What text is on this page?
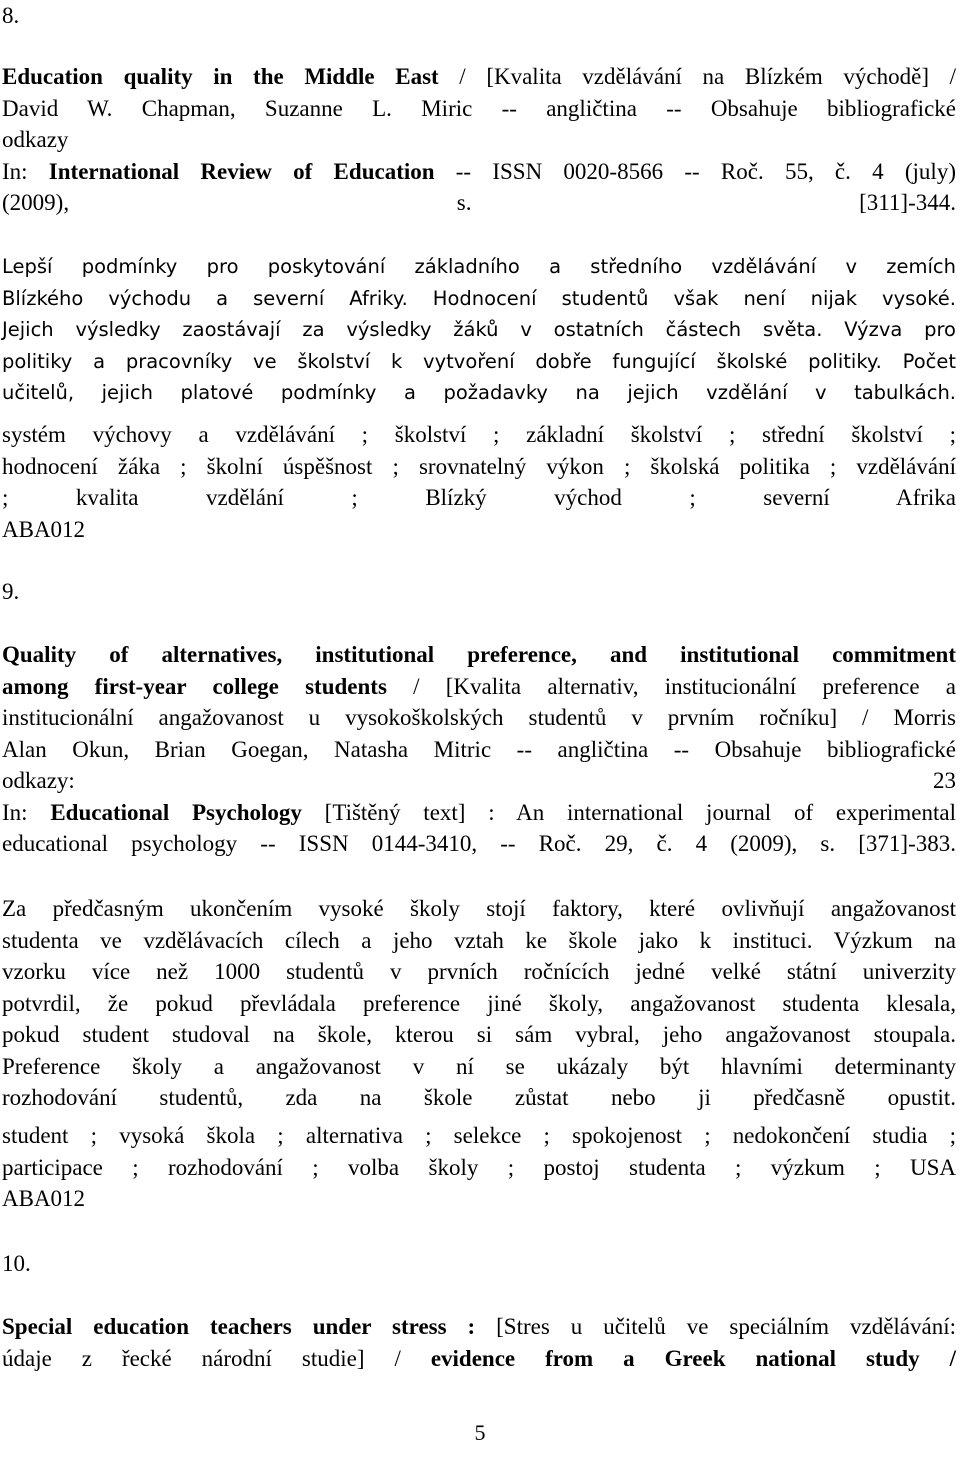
8.
Education quality in the Middle East / [Kvalita vzdělávání na Blízkém východě] /
David W. Chapman, Suzanne L. Miric -- angličtina -- Obsahuje bibliografické
odkazy
In: International Review of Education -- ISSN 0020-8566 -- Roč. 55, č. 4 (july)
(2009), s. [311]-344.
Lepší podmínky pro poskytování základního a středního vzdělávání v zemích
Blízkého východu a severní Afriky. Hodnocení studentů však není nijak vysoké.
Jejich výsledky zaostávají za výsledky žáků v ostatních částech světa. Výzva pro
politiky a pracovníky ve školství k vytvoření dobře fungující školské politiky. Počet
učitelů, jejich platové podmínky a požadavky na jejich vzdělání v tabulkách.
systém výchovy a vzdělávání ; školství ; základní školství ; střední školství ;
hodnocení žáka ; školní úspěšnost ; srovnatelný výkon ; školská politika ; vzdělávání
; kvalita vzdělání ; Blízký východ ; severní Afrika
ABA012
9.
Quality of alternatives, institutional preference, and institutional commitment
among first-year college students / [Kvalita alternativ, institucionální preference a
institucionální angažovanost u vysokoškolských studentů v prvním ročníku] / Morris
Alan Okun, Brian Goegan, Natasha Mitric -- angličtina -- Obsahuje bibliografické
odkazy: 23
In: Educational Psychology [Tištěný text] : An international journal of experimental
educational psychology -- ISSN 0144-3410, -- Roč. 29, č. 4 (2009), s. [371]-383.
Za předčasným ukončením vysoké školy stojí faktory, které ovlivňují angažovanost
studenta ve vzdělávacích cílech a jeho vztah ke škole jako k instituci. Výzkum na
vzorku více než 1000 studentů v prvních ročnících jedné velké státní univerzity
potvrdil, že pokud převládala preference jiné školy, angažovanost studenta klesala,
pokud student studoval na škole, kterou si sám vybral, jeho angažovanost stoupala.
Preference školy a angažovanost v ní se ukázaly být hlavními determinanty
rozhodování studentů, zda na škole zůstat nebo ji předčasně opustit.
student ; vysoká škola ; alternativa ; selekce ; spokojenost ; nedokončení studia ;
participace ; rozhodování ; volba školy ; postoj studenta ; výzkum ; USA
ABA012
10.
Special education teachers under stress : [Stres u učitelů ve speciálním vzdělávání:
údaje z řecké národní studie] / evidence from a Greek national study /
5
